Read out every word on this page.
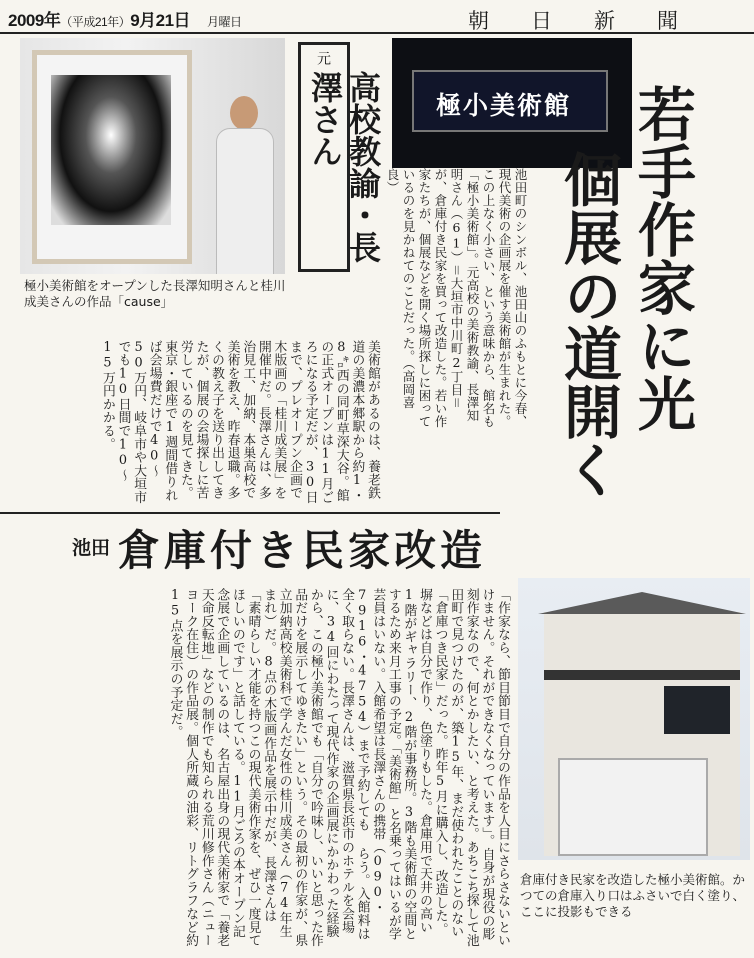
2009年（平成21年）9月21日 月曜日	朝日新聞
極小美術館をオープンした長澤知明さんと桂川成美さんの作品「cause」
元
高校教諭・長澤さん	極小美術館 若手作家に光
個展の道開く
池田町のシンボル、池田山のふもとに今春、現代美術の企画展を催す美術館が生まれた。この上なく小さい、という意味から、館名も「極小美術館」。元高校の美術教諭、長澤知明さん（61）＝大垣市中川町2丁目＝が、倉庫付き民家を買って改造した。若い作家たちが、個展などを開く場所探しに困っているのを見かねてのことだった。（高岡喜良）
美術館があるのは、養老鉄道の美濃本郷駅から約1・8㌔西の同町草深大谷。館の正式オープンは11月ごろになる予定だが、30日まで、プレオープン企画で木版画の「桂川成美展」を開催中だ。長澤さんは、多治見工、加納、本巣高校で美術を教え、昨春退職。多くの教え子を送り出してきたが、個展の会場探しに苦労しているのを見てきた。東京・銀座で1週間借りれば会場費だけで40〜50万円、岐阜市や大垣市でも10日間で10〜15万円かかる。
池田 倉庫付き民家改造
「作家なら、節目節目で自分の作品を人目にさらさないといけません。それができなくなっています」。自身が現役の彫刻作家なので、何とかしたい、と考えた。あちこち探して池田町で見つけたのが、築15年、まだ使われたことのない「倉庫つき民家」だった。昨年5月に購入し、改造した。塀などは自分で作り、色塗りもした。倉庫用で天井の高い1階がギャラリー、2階が事務所。3階も美術館の空間とするため来月工事の予定。「美術館」と名乗ってはいるが学芸員はいない。入館希望は長澤さんの携帯（090・7916・4754）まで予約しても らう。入館料は全く取らない。長澤さんは、滋賀県長浜市のホテルを会場に、34回にわたって現代作家の企画展にかかわった経験から、この極小美術館でも「自分で吟味し、いいと思った作品だけを展示してゆきたい」という。その最初の作家が、県立加納高校美術科で学んだ女性の桂川成美さん（74年生まれ）だ。8点の木版画作品を展示中だが、長澤さんは「素晴らしい才能を持つこの現代美術作家を、ぜひ一度見てほしいのです」と話している。11月ごろの本オープン記念展で企画しているのは、名古屋出身の現代美術家で「養老天命反転地」などの制作でも知られる荒川修作さん（ニューヨーク在住）の作品展。個人所蔵の油彩、リトグラフなど約15点を展示の予定だ。
倉庫付き民家を改造した極小美術館。かつての倉庫入り口はふさいで白く塗り、ここに投影もできる
